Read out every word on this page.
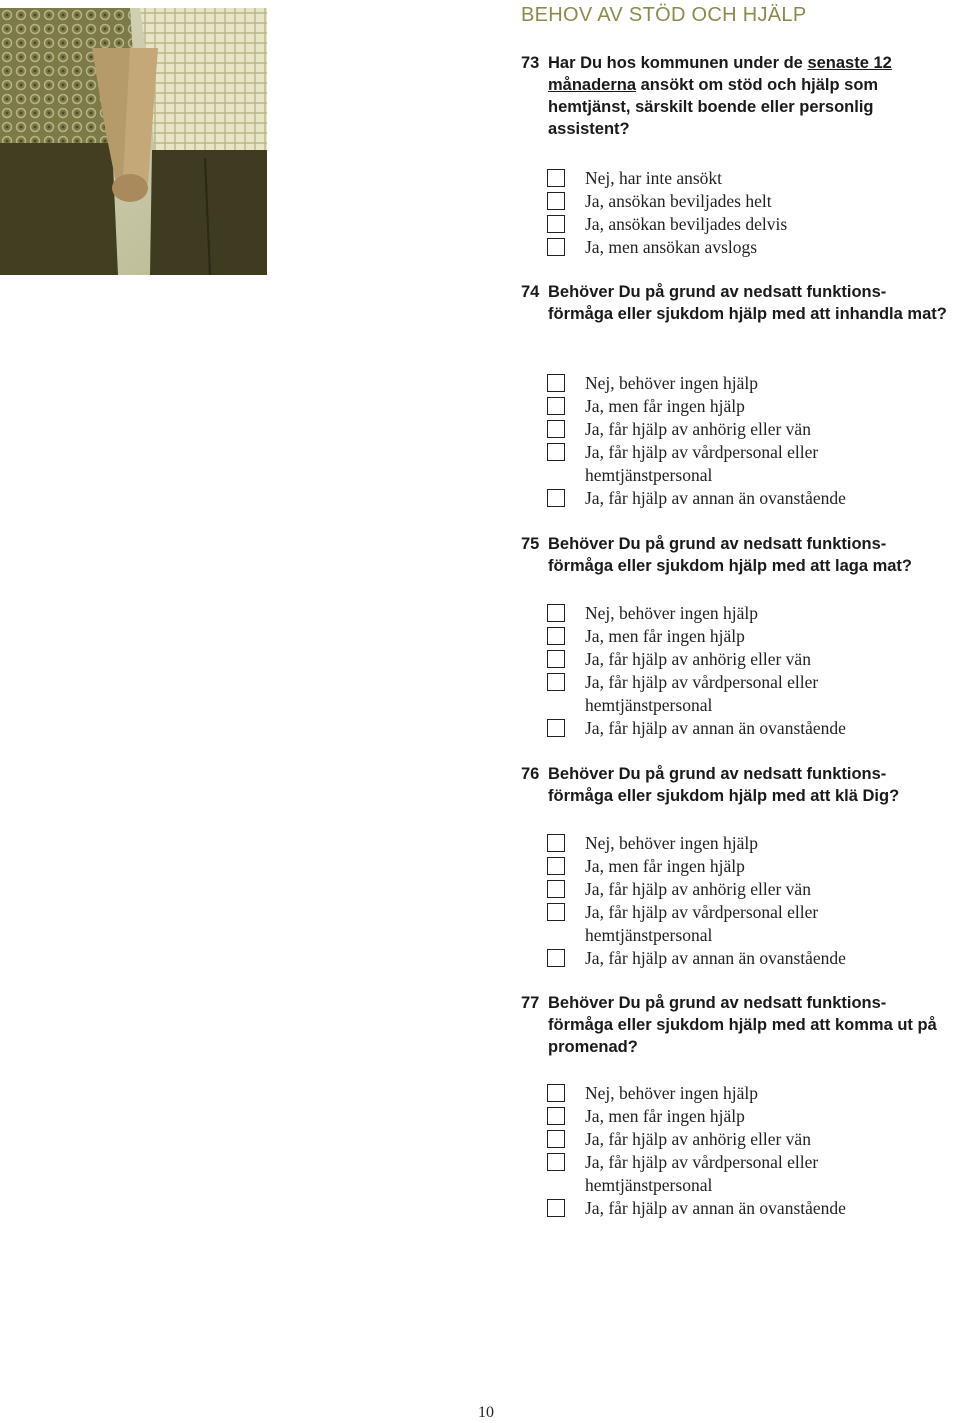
BEHOV AV STÖD OCH HJÄLP
73 Har Du hos kommunen under de senaste 12 månaderna ansökt om stöd och hjälp som hemtjänst, särskilt boende eller personlig assistent?
Nej, har inte ansökt
Ja, ansökan beviljades helt
Ja, ansökan beviljades delvis
Ja, men ansökan avslogs
74 Behöver Du på grund av nedsatt funktions-förmåga eller sjukdom hjälp med att inhandla mat?
Nej, behöver ingen hjälp
Ja, men får ingen hjälp
Ja, får hjälp av anhörig eller vän
Ja, får hjälp av vårdpersonal eller hemtjänstpersonal
Ja, får hjälp av annan än ovanstående
75 Behöver Du på grund av nedsatt funktions-förmåga eller sjukdom hjälp med att laga mat?
Nej, behöver ingen hjälp
Ja, men får ingen hjälp
Ja, får hjälp av anhörig eller vän
Ja, får hjälp av vårdpersonal eller hemtjänstpersonal
Ja, får hjälp av annan än ovanstående
76 Behöver Du på grund av nedsatt funktions-förmåga eller sjukdom hjälp med att klä Dig?
Nej, behöver ingen hjälp
Ja, men får ingen hjälp
Ja, får hjälp av anhörig eller vän
Ja, får hjälp av vårdpersonal eller hemtjänstpersonal
Ja, får hjälp av annan än ovanstående
77 Behöver Du på grund av nedsatt funktions-förmåga eller sjukdom hjälp med att komma ut på promenad?
Nej, behöver ingen hjälp
Ja, men får ingen hjälp
Ja, får hjälp av anhörig eller vän
Ja, får hjälp av vårdpersonal eller hemtjänstpersonal
Ja, får hjälp av annan än ovanstående
10
